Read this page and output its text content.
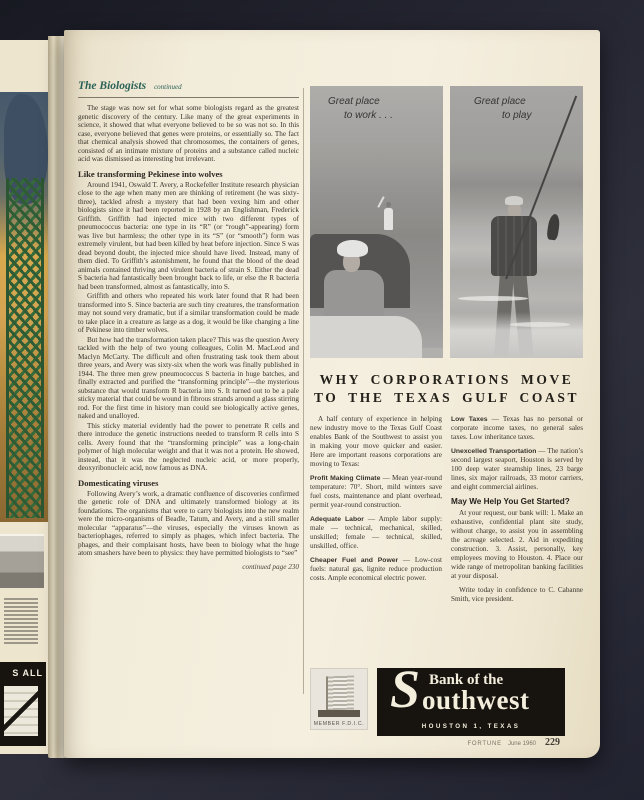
S ALL
The Biologists continued

The stage was now set for what some biologists regard as the greatest genetic discovery of the century. Like many of the great experiments in science, it showed that what everyone believed to be so was not so. In this case, everyone believed that genes were proteins, or essentially so. The fact that chemical analysis showed that chromosomes, the containers of genes, consisted of an intimate mixture of proteins and a substance called nucleic acid was dismissed as interesting but irrelevant.

Like transforming Pekinese into wolves

Around 1941, Oswald T. Avery, a Rockefeller Institute research physician close to the age when many men are thinking of retirement (he was sixty-three), tackled afresh a mystery that had been vexing him and other biologists since it had been reported in 1928 by an Englishman, Frederick Griffith. Griffith had injected mice with two different types of pneumococcus bacteria: one type in its “R” (or “rough”-appearing) form was live but harmless; the other type in its “S” (or “smooth”) form was extremely virulent, but had been killed by heat before injection. Since S was dead beyond doubt, the injected mice should have lived. Instead, many of them died. To Griffith’s astonishment, he found that the blood of the dead animals contained thriving and virulent bacteria of strain S. Either the dead S bacteria had fantastically been brought back to life, or else the R bacteria had been transformed, almost as fantastically, into S.

Griffith and others who repeated his work later found that R had been transformed into S. Since bacteria are such tiny creatures, the transformation may not sound very dramatic, but if a similar transformation could be made to take place in a creature as large as a dog, it would be like changing a line of Pekinese into timber wolves.

But how had the transformation taken place? This was the question Avery tackled with the help of two young colleagues, Colin M. MacLeod and Maclyn McCarty. The difficult and often frustrating task took them about three years, and Avery was sixty-six when the work was finally published in 1944. The three men grew pneumococcus S bacteria in huge batches, and finally extracted and purified the “transforming principle”—the mysterious substance that would transform R bacteria into S. It turned out to be a pale sticky material that could be wound in fibrous strands around a glass stirring rod. For the first time in history man could see biologically active genes, naked and unalloyed.

This sticky material evidently had the power to penetrate R cells and there introduce the genetic instructions needed to transform R cells into S cells. Avery found that the “transforming principle” was a long-chain polymer of high molecular weight and that it was not a protein. He showed, instead, that it was the neglected nucleic acid, or more properly, deoxyribonucleic acid, now famous as DNA.

Domesticating viruses

Following Avery’s work, a dramatic confluence of discoveries confirmed the genetic role of DNA and ultimately transformed biology at its foundations. The organisms that were to carry biologists into the new realm were the micro-organisms of Beadle, Tatum, and Avery, and a still smaller molecular “apparatus”—the viruses, especially the viruses known as bacteriophages, referred to simply as phages, which infect bacteria. The phages, and their complaisant hosts, have been to biology what the huge atom smashers have been to physics: they have permitted biologists to “see”

continued page 230
Great place
to work . . .
Great place
to play
WHY CORPORATIONS MOVE
TO THE TEXAS GULF COAST

A half century of experience in helping new industry move to the Texas Gulf Coast enables Bank of the Southwest to assist you in making your move quicker and easier. Here are important reasons corporations are moving to Texas:

Profit Making Climate — Mean year-round temperature: 70°. Short, mild winters save fuel costs, maintenance and plant overhead, permit year-round construction.

Adequate Labor — Ample labor supply: male — technical, mechanical, skilled, unskilled; female — technical, skilled, unskilled, office.

Cheaper Fuel and Power — Low-cost fuels: natural gas, lignite reduce production costs. Ample economical electric power.

Low Taxes — Texas has no personal or corporate income taxes, no general sales taxes. Low inheritance taxes.

Unexcelled Transportation — The nation’s second largest seaport, Houston is served by 100 deep water steamship lines, 23 barge lines, six major railroads, 33 motor carriers, and eight commercial airlines.

May We Help You Get Started?

At your request, our bank will: 1. Make an exhaustive, confidential plant site study, without charge, to assist you in assembling the acreage selected. 2. Aid in expediting construction. 3. Assist, personally, key employees moving to Houston. 4. Place our wide range of metropolitan banking facilities at your disposal.

Write today in confidence to C. Cabanne Smith, vice president.

MEMBER F.D.I.C.
S Bank of the
outhwest
HOUSTON 1, TEXAS
FORTUNE June 1960 229
